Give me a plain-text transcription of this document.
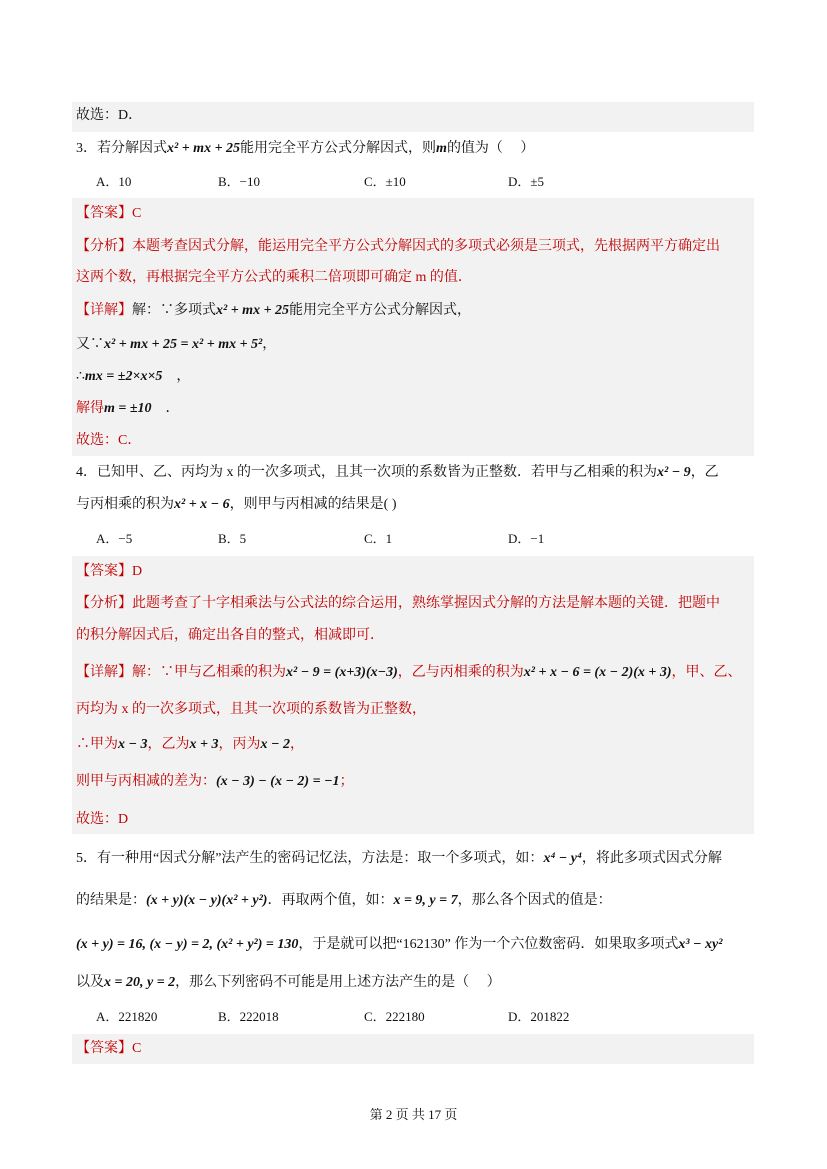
故选：D．
3．若分解因式x² + mx + 25能用完全平方公式分解因式，则m的值为（　 ）
A．10	B．−10	C．±10	D．±5
【答案】C
【分析】本题考查因式分解，能运用完全平方公式分解因式的多项式必须是三项式，先根据两平方确定出
这两个数，再根据完全平方公式的乘积二倍项即可确定 m 的值．
【详解】解：∵多项式x² + mx + 25能用完全平方公式分解因式，
又∵x² + mx + 25 = x² + mx + 5²，
∴mx = ±2×x×5　，
解得m = ±10　．
故选：C．
4．已知甲、乙、丙均为 x 的一次多项式，且其一次项的系数皆为正整数．若甲与乙相乘的积为x² − 9，乙
与丙相乘的积为x² + x − 6，则甲与丙相减的结果是( )
A．−5	B．5	C．1	D．−1
【答案】D
【分析】此题考查了十字相乘法与公式法的综合运用，熟练掌握因式分解的方法是解本题的关键．把题中
的积分解因式后，确定出各自的整式，相减即可．
【详解】解：∵甲与乙相乘的积为x² − 9 = (x+3)(x−3)，乙与丙相乘的积为x² + x − 6 = (x − 2)(x + 3)，甲、乙、
丙均为 x 的一次多项式，且其一次项的系数皆为正整数，
∴甲为x − 3，乙为x + 3，丙为x − 2，
则甲与丙相减的差为：(x − 3) − (x − 2) = −1；
故选：D
5．有一种用“因式分解”法产生的密码记忆法，方法是：取一个多项式，如：x⁴ − y⁴，将此多项式因式分解
的结果是：(x + y)(x − y)(x² + y²)．再取两个值，如：x = 9, y = 7，那么各个因式的值是：
(x + y) = 16, (x − y) = 2, (x² + y²) = 130，于是就可以把“162130” 作为一个六位数密码．如果取多项式x³ − xy²
以及x = 20, y = 2，那么下列密码不可能是用上述方法产生的是（　 ）
A．221820	B．222018	C．222180	D．201822
【答案】C
第 2 页 共 17 页
